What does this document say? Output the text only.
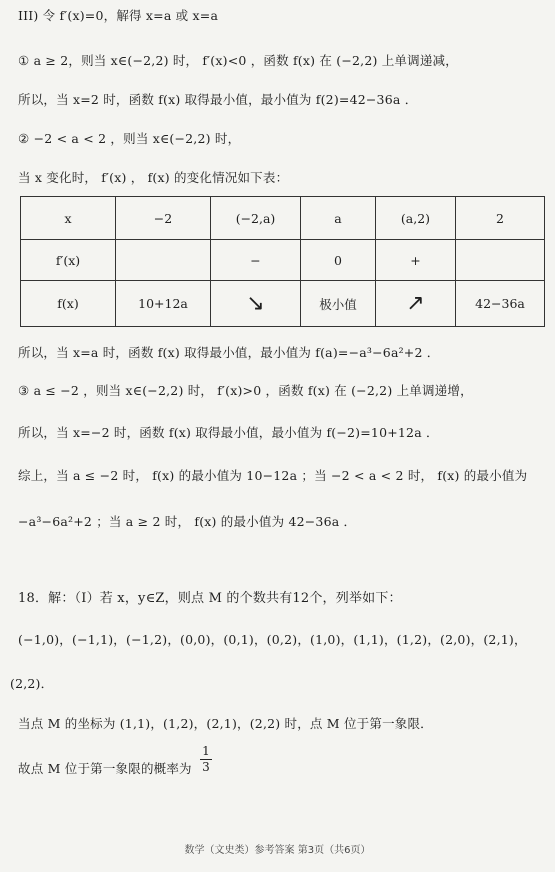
III) 令 f′(x)=0，解得 x=a 或 x=a
① a ≥ 2，则当 x∈(−2,2) 时， f′(x)<0 ，函数 f(x) 在 (−2,2) 上单调递减，
所以，当 x=2 时，函数 f(x) 取得最小值，最小值为 f(2)=42−36a ．
② −2 < a < 2 ，则当 x∈(−2,2) 时，
当 x 变化时， f′(x) ， f(x) 的变化情况如下表：
x	−2	(−2,a)	a	(a,2)	2
f′(x)		−	0	+	
f(x)	10+12a	↘	极小值	↗	42−36a
所以，当 x=a 时，函数 f(x) 取得最小值，最小值为 f(a)=−a³−6a²+2 ．
③ a ≤ −2 ，则当 x∈(−2,2) 时， f′(x)>0 ，函数 f(x) 在 (−2,2) 上单调递增，
所以，当 x=−2 时，函数 f(x) 取得最小值，最小值为 f(−2)=10+12a ．
综上，当 a ≤ −2 时， f(x) 的最小值为 10−12a ；当 −2 < a < 2 时， f(x) 的最小值为
−a³−6a²+2 ；当 a ≥ 2 时， f(x) 的最小值为 42−36a ．
18．解：（I）若 x，y∈Z，则点 M 的个数共有12个，列举如下：
(−1,0)，(−1,1)，(−1,2)，(0,0)，(0,1)，(0,2)，(1,0)，(1,1)，(1,2)，(2,0)，(2,1)，
(2,2)．
当点 M 的坐标为 (1,1)，(1,2)，(2,1)，(2,2) 时，点 M 位于第一象限．
故点 M 位于第一象限的概率为
1
3
数学（文史类）参考答案 第3页（共6页）
